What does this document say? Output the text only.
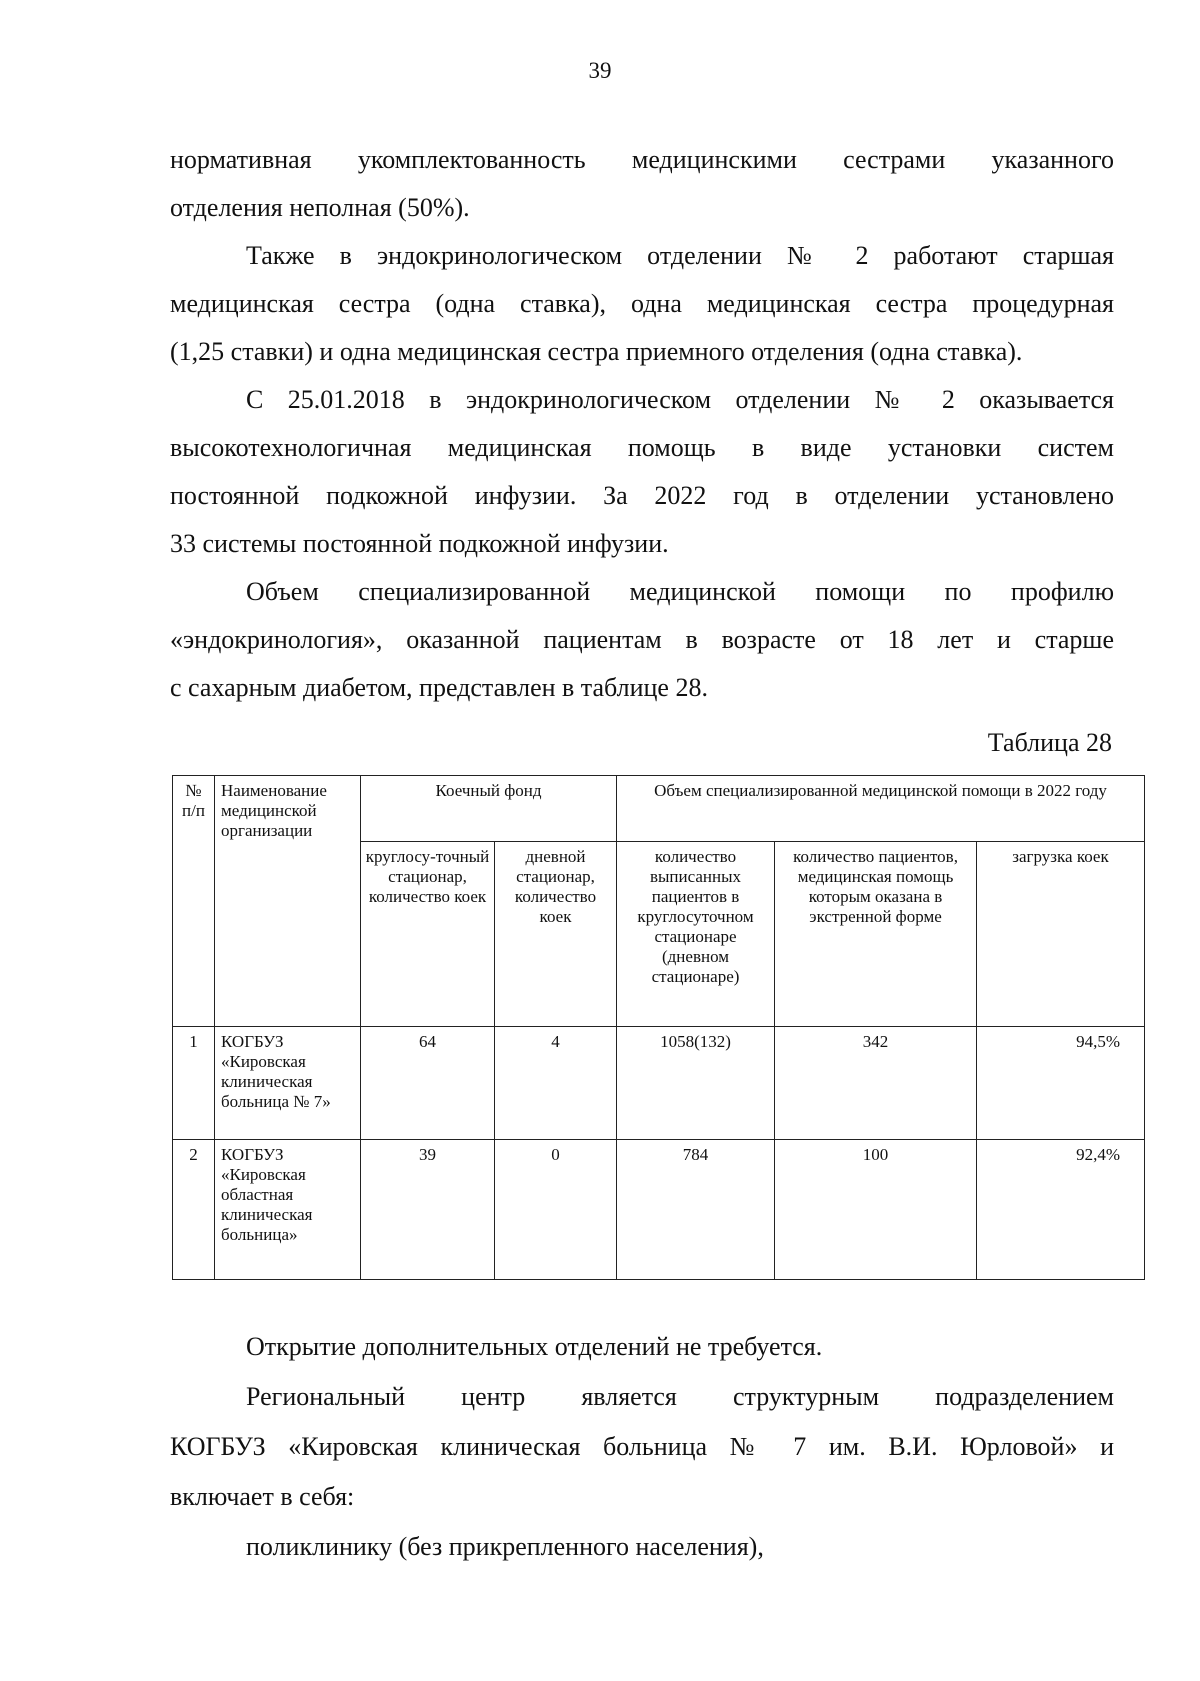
39
нормативная укомплектованность медицинскими сестрами указанного
отделения неполная (50%).
Также в эндокринологическом отделении № 2 работают старшая
медицинская сестра (одна ставка), одна медицинская сестра процедурная
(1,25 ставки) и одна медицинская сестра приемного отделения (одна ставка).
С 25.01.2018 в эндокринологическом отделении № 2 оказывается
высокотехнологичная медицинская помощь в виде установки систем
постоянной подкожной инфузии. За 2022 год в отделении установлено
33 системы постоянной подкожной инфузии.
Объем специализированной медицинской помощи по профилю
«эндокринология», оказанной пациентам в возрасте от 18 лет и старше
с сахарным диабетом, представлен в таблице 28.
Таблица 28
№ п/п	Наименование медицинской организации	Коечный фонд		Объем специализированной медицинской помощи в 2022 году		
		круглосу-точный стационар, количество коек	дневной стационар, количество коек	количество выписанных пациентов в круглосуточном стационаре (дневном стационаре)	количество пациентов, медицинская помощь которым оказана в экстренной форме	загрузка коек
1	КОГБУЗ «Кировская клиническая больница № 7»	64	4	1058(132)	342	94,5%
2	КОГБУЗ «Кировская областная клиническая больница»	39	0	784	100	92,4%
Открытие дополнительных отделений не требуется.
Региональный центр является структурным подразделением
КОГБУЗ «Кировская клиническая больница № 7 им. В.И. Юрловой» и
включает в себя:
поликлинику (без прикрепленного населения),
